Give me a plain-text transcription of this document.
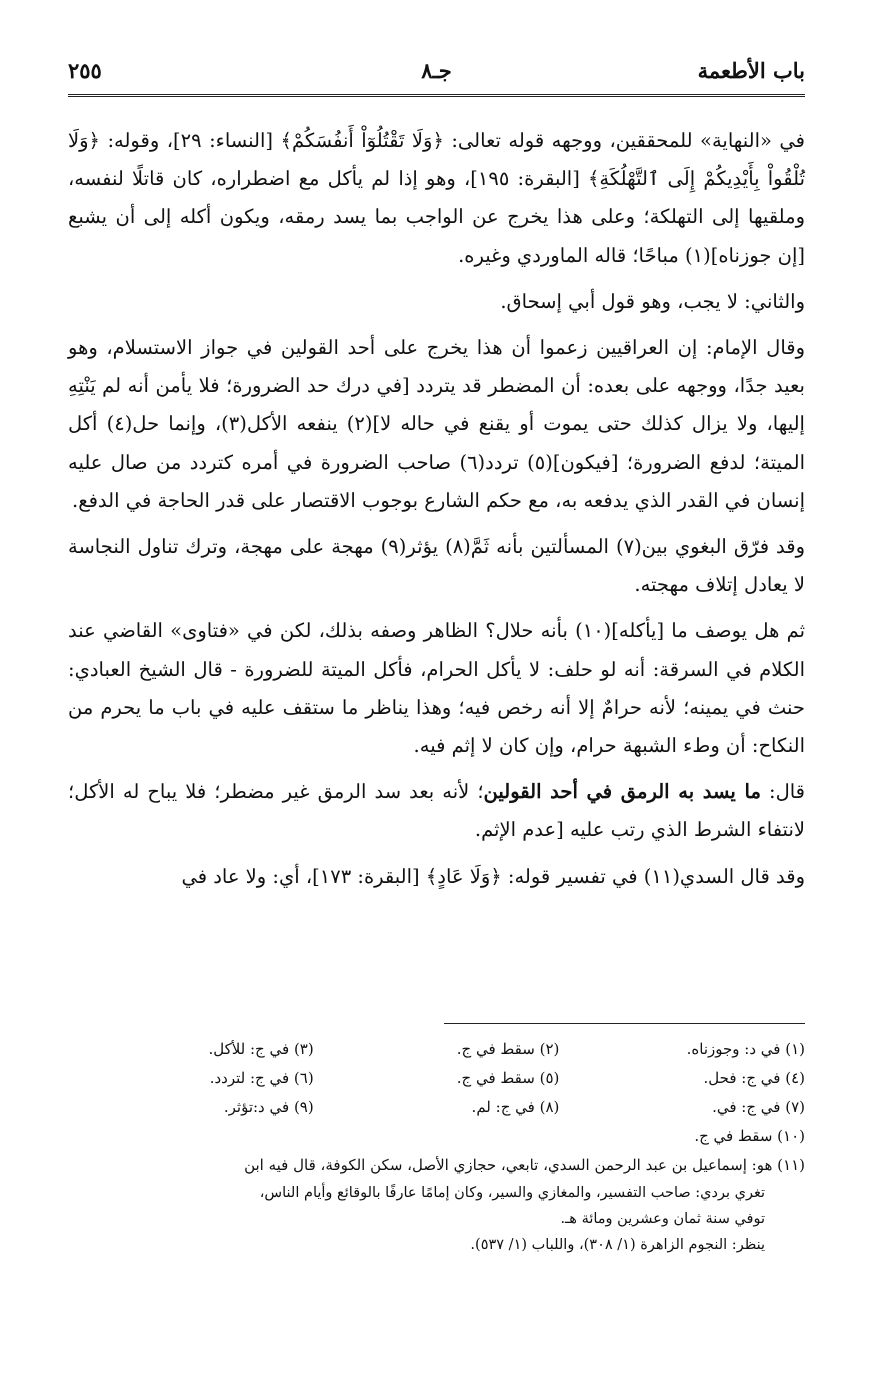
باب الأطعمة
جـ٨
٢٥٥

في «النهاية» للمحققين، ووجهه قوله تعالى: ﴿وَلَا تَقْتُلُوٓاْ أَنفُسَكُمْ﴾ [النساء: ٢٩]، وقوله: ﴿وَلَا تُلْقُواْ بِأَيْدِيكُمْ إِلَى ٱلتَّهْلُكَةِ﴾ [البقرة: ١٩٥]، وهو إذا لم يأكل مع اضطراره، كان قاتلًا لنفسه، وملقيها إلى التهلكة؛ وعلى هذا يخرج عن الواجب بما يسد رمقه، ويكون أكله إلى أن يشبع [إن جوزناه](١) مباحًا؛ قاله الماوردي وغيره.

والثاني: لا يجب، وهو قول أبي إسحاق.

وقال الإمام: إن العراقيين زعموا أن هذا يخرج على أحد القولين في جواز الاستسلام، وهو بعيد جدًا، ووجهه على بعده: أن المضطر قد يتردد [في درك حد الضرورة؛ فلا يأمن أنه لم يَنْتِهِ إليها، ولا يزال كذلك حتى يموت أو يقنع في حاله لا](٢) ينفعه الأكل(٣)، وإنما حل(٤) أكل الميتة؛ لدفع الضرورة؛ [فيكون](٥) تردد(٦) صاحب الضرورة في أمره كتردد من صال عليه إنسان في القدر الذي يدفعه به، مع حكم الشارع بوجوب الاقتصار على قدر الحاجة في الدفع.

وقد فرّق البغوي بين(٧) المسألتين بأنه ثَمَّ(٨) يؤثر(٩) مهجة على مهجة، وترك تناول النجاسة لا يعادل إتلاف مهجته.

ثم هل يوصف ما [يأكله](١٠) بأنه حلال؟ الظاهر وصفه بذلك، لكن في «فتاوى» القاضي عند الكلام في السرقة: أنه لو حلف: لا يأكل الحرام، فأكل الميتة للضرورة - قال الشيخ العبادي: حنث في يمينه؛ لأنه حرامٌ إلا أنه رخص فيه؛ وهذا يناظر ما ستقف عليه في باب ما يحرم من النكاح: أن وطء الشبهة حرام، وإن كان لا إثم فيه.

قال: ما يسد به الرمق في أحد القولين؛ لأنه بعد سد الرمق غير مضطر؛ فلا يباح له الأكل؛ لانتفاء الشرط الذي رتب عليه [عدم الإثم.

وقد قال السدي(١١) في تفسير قوله: ﴿وَلَا عَادٍ﴾ [البقرة: ١٧٣]، أي: ولا عاد في

(١) في د: وجوزناه.
(٢) سقط في ج.
(٣) في ج: للأكل.
(٤) في ج: فحل.
(٥) سقط في ج.
(٦) في ج: لتردد.
(٧) في ج: في.
(٨) في ج: لم.
(٩) في د:تؤثر.
(١٠) سقط في ج.
(١١) هو: إسماعيل بن عبد الرحمن السدي، تابعي، حجازي الأصل، سكن الكوفة، قال فيه ابن
تغري بردي: صاحب التفسير، والمغازي والسير، وكان إمامًا عارفًا بالوقائع وأيام الناس،
توفي سنة ثمان وعشرين ومائة هـ.
ينظر: النجوم الزاهرة (١/ ٣٠٨)، واللباب (١/ ٥٣٧).
